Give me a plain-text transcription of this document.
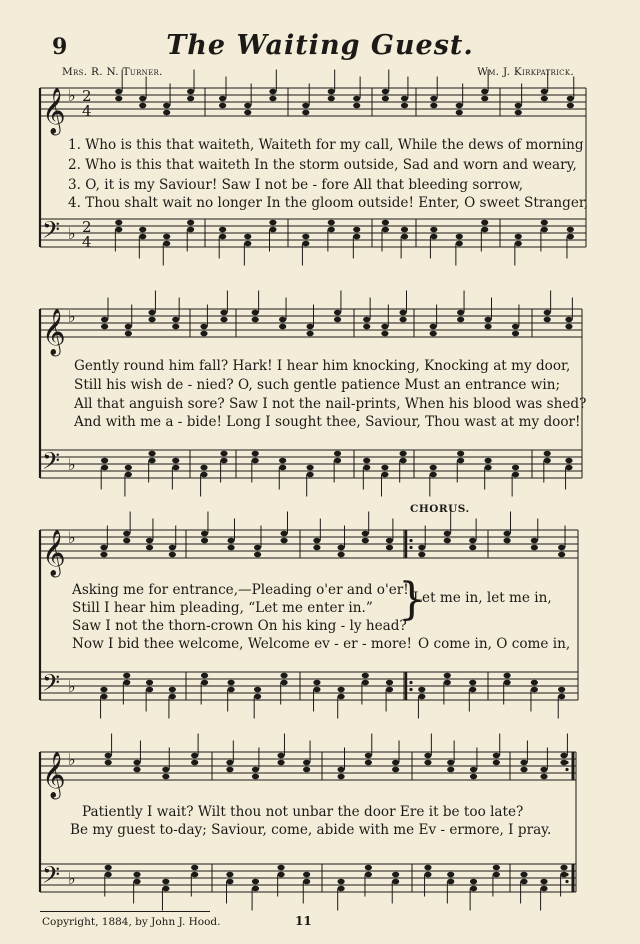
9	The Waiting Guest.
Mrs. R. N. Turner.	Wm. J. Kirkpatrick.
𝄞 ♭ 2
4
𝄢 ♭ 2
4
𝄞 ♭
𝄢 ♭
𝄞 ♭
𝄢 ♭
𝄞 ♭
𝄢 ♭
1. Who is this that waiteth, Waiteth for my call, While the dews of morning
2. Who is this that waiteth In the storm outside, Sad and worn and weary,
3. O, it is my Saviour! Saw I not be - fore All that bleeding sorrow,
4. Thou shalt wait no longer In the gloom outside! Enter, O sweet Stranger,
Gently round him fall? Hark! I hear him knocking, Knocking at my door,
Still his wish de - nied? O, such gentle patience Must an entrance win;
All that anguish sore? Saw I not the nail-prints, When his blood was shed?
And with me a - bide! Long I sought thee, Saviour, Thou wast at my door!
CHORUS.
Asking me for entrance,—Pleading o'er and o'er!
Still I hear him pleading, “Let me enter in.”
Saw I not the thorn-crown On his king - ly head?
Now I bid thee welcome, Welcome ev - er - more!
}
Let me in, let me in,
O come in, O come in,
Patiently I wait? Wilt thou not unbar the door Ere it be too late?
Be my guest to-day; Saviour, come, abide with me Ev - ermore, I pray.
Copyright, 1884, by John J. Hood.	11
